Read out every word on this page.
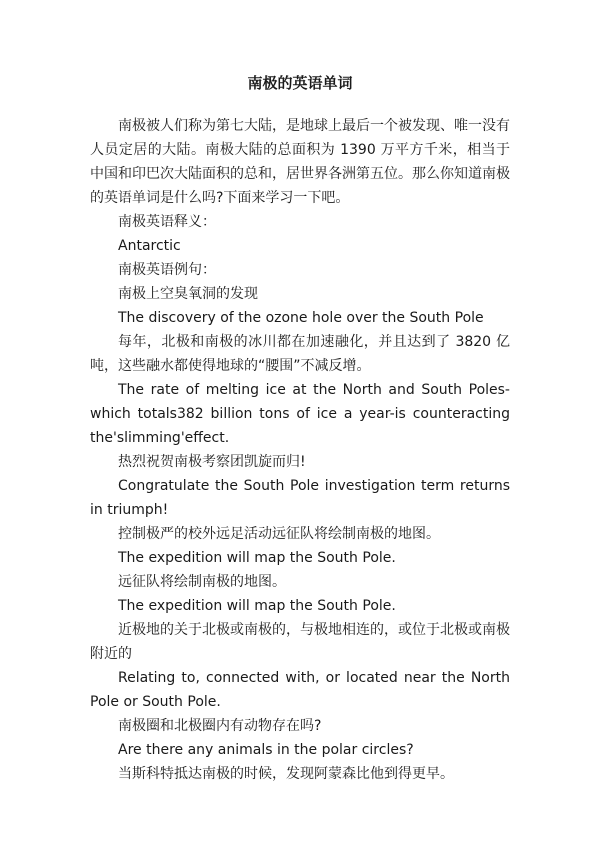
南极的英语单词

南极被人们称为第七大陆，是地球上最后一个被发现、唯一没有人员定居的大陆。南极大陆的总面积为 1390 万平方千米，相当于中国和印巴次大陆面积的总和，居世界各洲第五位。那么你知道南极的英语单词是什么吗?下面来学习一下吧。

南极英语释义：

Antarctic

南极英语例句：

南极上空臭氧洞的发现

The discovery of the ozone hole over the South Pole

每年，北极和南极的冰川都在加速融化，并且达到了 3820 亿吨，这些融水都使得地球的“腰围”不减反增。

The rate of melting ice at the North and South Poles-which totals382 billion tons of ice a year-is counteracting the'slimming'effect.

热烈祝贺南极考察团凯旋而归!

Congratulate the South Pole investigation term returns in triumph!

控制极严的校外远足活动远征队将绘制南极的地图。

The expedition will map the South Pole.

远征队将绘制南极的地图。

The expedition will map the South Pole.

近极地的关于北极或南极的，与极地相连的，或位于北极或南极附近的

Relating to, connected with, or located near the North Pole or South Pole.

南极圈和北极圈内有动物存在吗?

Are there any animals in the polar circles?

当斯科特抵达南极的时候，发现阿蒙森比他到得更早。
